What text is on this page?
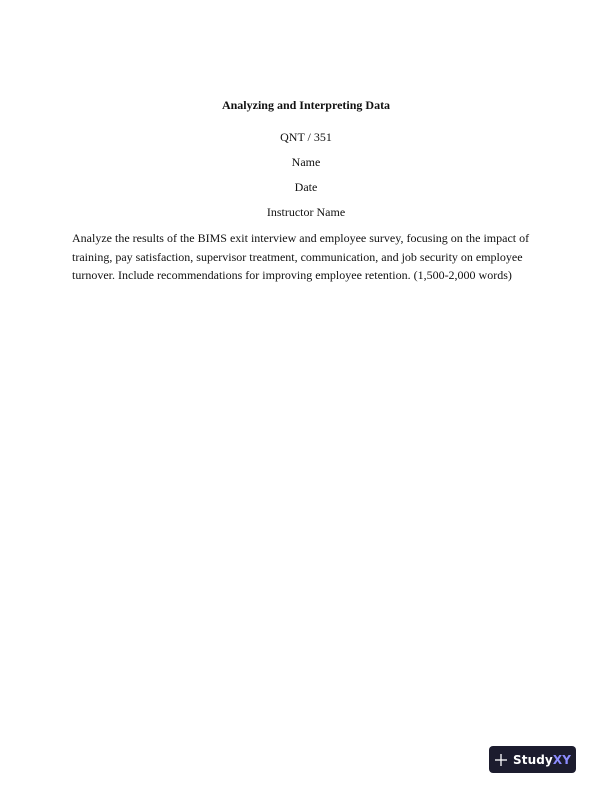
Analyzing and Interpreting Data
QNT / 351
Name
Date
Instructor Name
Analyze the results of the BIMS exit interview and employee survey, focusing on the impact of training, pay satisfaction, supervisor treatment, communication, and job security on employee turnover. Include recommendations for improving employee retention. (1,500-2,000 words)
StudyXY
